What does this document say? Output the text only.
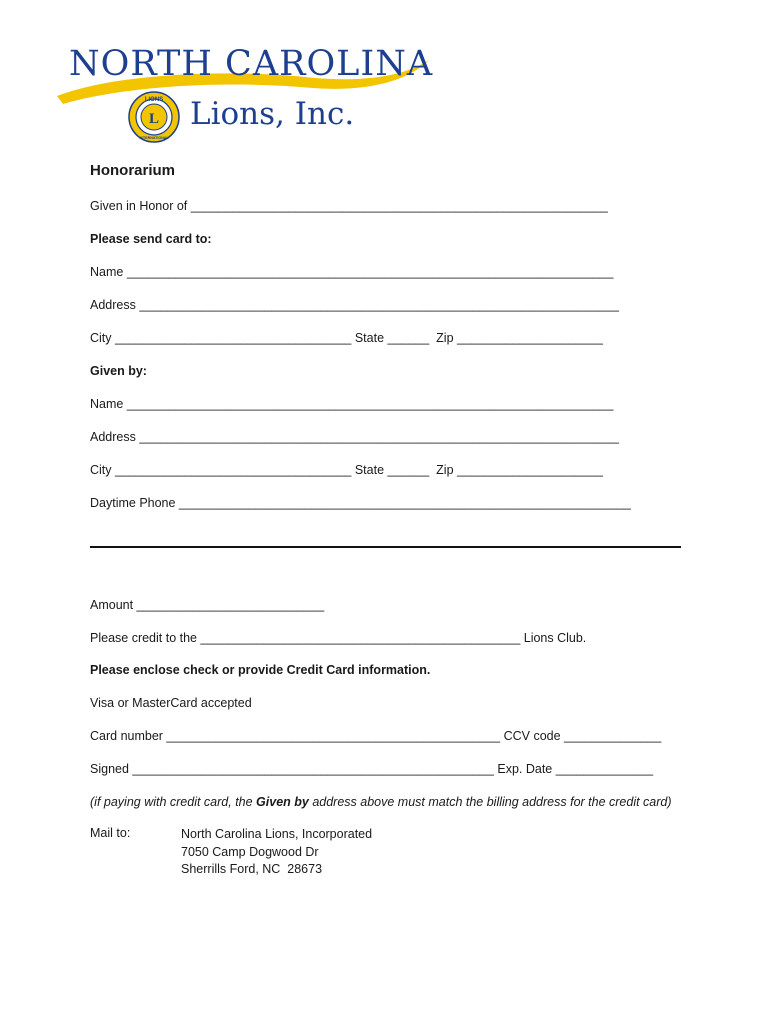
NORTH CAROLINA
LIONS
L
INTERNATIONAL
Lions, Inc.
Honorarium
Given in Honor of ____________________________________________________________
Please send card to:
Name ______________________________________________________________________
Address _____________________________________________________________________
City __________________________________ State ______  Zip _____________________
Given by:
Name ______________________________________________________________________
Address _____________________________________________________________________
City __________________________________ State ______  Zip _____________________
Daytime Phone _________________________________________________________________
Amount ___________________________
Please credit to the ______________________________________________ Lions Club.
Please enclose check or provide Credit Card information.
Visa or MasterCard accepted
Card number ________________________________________________ CCV code ______________
Signed ____________________________________________________ Exp. Date ______________
(if paying with credit card, the Given by address above must match the billing address for the credit card)
Mail to:	North Carolina Lions, Incorporated
7050 Camp Dogwood Dr
Sherrills Ford, NC  28673
